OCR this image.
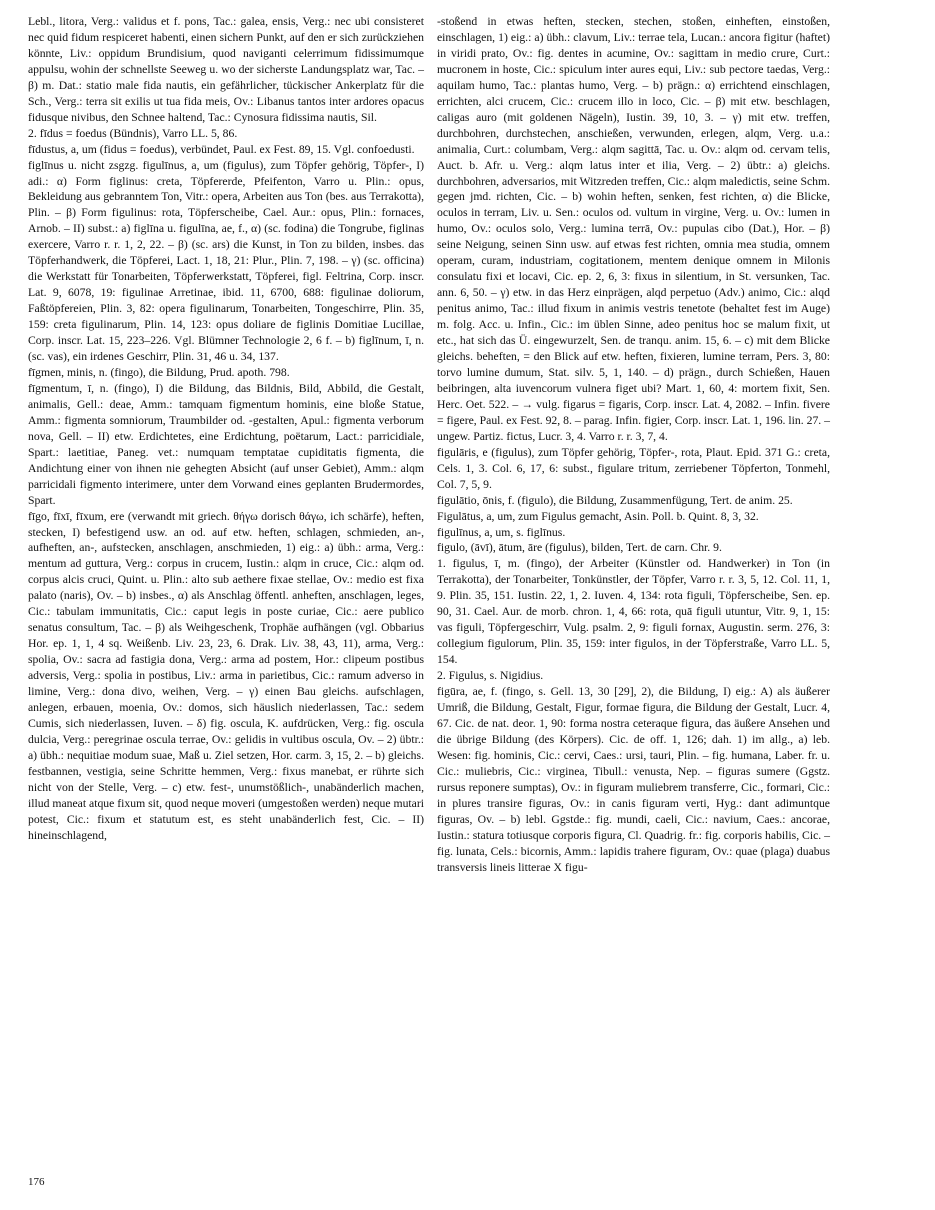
Lebl., litora, Verg.: validus et f. pons, Tac.: galea, ensis, Verg.: nec ubi consisteret nec quid fidum respiceret habenti, einen sichern Punkt, auf den er sich zurückziehen könnte, Liv.: oppidum Brundisium, quod naviganti celerrimum fidissimumque appulsu, wohin der schnellste Seeweg u. wo der sicherste Landungsplatz war, Tac. – β) m. Dat.: statio male fida nautis, ein gefährlicher, tückischer Ankerplatz für die Sch., Verg.: terra sit exilis ut tua fida meis, Ov.: Libanus tantos inter ardores opacus fidusque nivibus, den Schnee haltend, Tac.: Cynosura fidissima nautis, Sil.

2. fīdus = foedus (Bündnis), Varro LL. 5, 86.

fīdustus, a, um (fidus = foedus), verbündet, Paul. ex Fest. 89, 15. Vgl. confoedusti.

figlīnus u. nicht zsgzg. figulīnus, a, um (figulus), zum Töpfer gehörig, Töpfer-, I) adi.: α) Form figlinus: creta, Töpfererde, Pfeifenton, Varro u. Plin.: opus, Bekleidung aus gebranntem Ton, Vitr.: opera, Arbeiten aus Ton (bes. aus Terrakotta), Plin. – β) Form figulinus: rota, Töpferscheibe, Cael. Aur.: opus, Plin.: fornaces, Arnob. – II) subst.: a) figlīna u. figulīna, ae, f., α) (sc. fodina) die Tongrube, figlinas exercere, Varro r. r. 1, 2, 22. – β) (sc. ars) die Kunst, in Ton zu bilden, insbes. das Töpferhandwerk, die Töpferei, Lact. 1, 18, 21: Plur., Plin. 7, 198. – γ) (sc. officina) die Werkstatt für Tonarbeiten, Töpferwerkstatt, Töpferei, figl. Feltrina, Corp. inscr. Lat. 9, 6078, 19: figulinae Arretinae, ibid. 11, 6700, 688: figulinae doliorum, Faßtöpfereien, Plin. 3, 82: opera figulinarum, Tonarbeiten, Tongeschirre, Plin. 35, 159: creta figulinarum, Plin. 14, 123: opus doliare de figlinis Domitiae Lucillae, Corp. inscr. Lat. 15, 223–226. Vgl. Blümner Technologie 2, 6 f. – b) figlīnum, ī, n. (sc. vas), ein irdenes Geschirr, Plin. 31, 46 u. 34, 137.

fīgmen, minis, n. (fingo), die Bildung, Prud. apoth. 798.

fīgmentum, ī, n. (fingo), I) die Bildung, das Bildnis, Bild, Abbild, die Gestalt, animalis, Gell.: deae, Amm.: tamquam figmentum hominis, eine bloße Statue, Amm.: figmenta somniorum, Traumbilder od. -gestalten, Apul.: figmenta verborum nova, Gell. – II) etw. Erdichtetes, eine Erdichtung, poëtarum, Lact.: parricidiale, Spart.: laetitiae, Paneg. vet.: numquam temptatae cupiditatis figmenta, die Andichtung einer von ihnen nie gehegten Absicht (auf unser Gebiet), Amm.: alqm parricidali figmento interimere, unter dem Vorwand eines geplanten Brudermordes, Spart.

fīgo, fīxī, fīxum, ere (verwandt mit griech. θήγω dorisch θάγω, ich schärfe), heften, stecken, I) befestigend usw. an od. auf etw. heften, schlagen, schmieden, an-, aufheften, an-, aufstecken, anschlagen, anschmieden, 1) eig.: a) übh.: arma, Verg.: mentum ad guttura, Verg.: corpus in crucem, Iustin.: alqm in cruce, Cic.: alqm od. corpus alcis cruci, Quint. u. Plin.: alto sub aethere fixae stellae, Ov.: medio est fixa palato (naris), Ov. – b) insbes., α) als Anschlag öffentl. anheften, anschlagen, leges, Cic.: tabulam immunitatis, Cic.: caput legis in poste curiae, Cic.: aere publico senatus consultum, Tac. – β) als Weihgeschenk, Trophäe aufhängen (vgl. Obbarius Hor. ep. 1, 1, 4 sq. Weißenb. Liv. 23, 23, 6. Drak. Liv. 38, 43, 11), arma, Verg.: spolia, Ov.: sacra ad fastigia dona, Verg.: arma ad postem, Hor.: clipeum postibus adversis, Verg.: spolia in postibus, Liv.: arma in parietibus, Cic.: ramum adverso in limine, Verg.: dona divo, weihen, Verg. – γ) einen Bau gleichs. aufschlagen, anlegen, erbauen, moenia, Ov.: domos, sich häuslich niederlassen, Tac.: sedem Cumis, sich niederlassen, Iuven. – δ) fig. oscula, K. aufdrücken, Verg.: fig. oscula dulcia, Verg.: peregrinae oscula terrae, Ov.: gelidis in vultibus oscula, Ov. – 2) übtr.: a) übh.: nequitiae modum suae, Maß u. Ziel setzen, Hor. carm. 3, 15, 2. – b) gleichs. festbannen, vestigia, seine Schritte hemmen, Verg.: fixus manebat, er rührte sich nicht von der Stelle, Verg. – c) etw. fest-, unumstößlich-, unabänderlich machen, illud maneat atque fixum sit, quod neque moveri (umgestoßen werden) neque mutari potest, Cic.: fixum et statutum est, es steht unabänderlich fest, Cic. – II) hineinschlagend,

-stoßend in etwas heften, stecken, stechen, stoßen, einheften, einstoßen, einschlagen, 1) eig.: a) übh.: clavum, Liv.: terrae tela, Lucan.: ancora figitur (haftet) in viridi prato, Ov.: fig. dentes in acumine, Ov.: sagittam in medio crure, Curt.: mucronem in hoste, Cic.: spiculum inter aures equi, Liv.: sub pectore taedas, Verg.: aquilam humo, Tac.: plantas humo, Verg. – b) prägn.: α) errichtend einschlagen, errichten, alci crucem, Cic.: crucem illo in loco, Cic. – β) mit etw. beschlagen, caligas auro (mit goldenen Nägeln), Iustin. 39, 10, 3. – γ) mit etw. treffen, durchbohren, durchstechen, anschießen, verwunden, erlegen, alqm, Verg. u.a.: animalia, Curt.: columbam, Verg.: alqm sagittā, Tac. u. Ov.: alqm od. cervam telis, Auct. b. Afr. u. Verg.: alqm latus inter et ilia, Verg. – 2) übtr.: a) gleichs. durchbohren, adversarios, mit Witzreden treffen, Cic.: alqm maledictis, seine Schm. gegen jmd. richten, Cic. – b) wohin heften, senken, fest richten, α) die Blicke, oculos in terram, Liv. u. Sen.: oculos od. vultum in virgine, Verg. u. Ov.: lumen in humo, Ov.: oculos solo, Verg.: lumina terrā, Ov.: pupulas cibo (Dat.), Hor. – β) seine Neigung, seinen Sinn usw. auf etwas fest richten, omnia mea studia, omnem operam, curam, industriam, cogitationem, mentem denique omnem in Milonis consulatu fixi et locavi, Cic. ep. 2, 6, 3: fixus in silentium, in St. versunken, Tac. ann. 6, 50. – γ) etw. in das Herz einprägen, alqd perpetuo (Adv.) animo, Cic.: alqd penitus animo, Tac.: illud fixum in animis vestris tenetote (behaltet fest im Auge) m. folg. Acc. u. Infin., Cic.: im üblen Sinne, adeo penitus hoc se malum fixit, ut etc., hat sich das Ü. eingewurzelt, Sen. de tranqu. anim. 15, 6. – c) mit dem Blicke gleichs. beheften, = den Blick auf etw. heften, fixieren, lumine terram, Pers. 3, 80: torvo lumine dumum, Stat. silv. 5, 1, 140. – d) prägn., durch Schießen, Hauen beibringen, alta iuvencorum vulnera figet ubi? Mart. 1, 60, 4: mortem fixit, Sen. Herc. Oet. 522. – → vulg. figarus = figaris, Corp. inscr. Lat. 4, 2082. – Infin. fivere = figere, Paul. ex Fest. 92, 8. – parag. Infin. figier, Corp. inscr. Lat. 1, 196. lin. 27. – ungew. Partiz. fictus, Lucr. 3, 4. Varro r. r. 3, 7, 4.

figulāris, e (figulus), zum Töpfer gehörig, Töpfer-, rota, Plaut. Epid. 371 G.: creta, Cels. 1, 3. Col. 6, 17, 6: subst., figulare tritum, zerriebener Töpferton, Tonmehl, Col. 7, 5, 9.

figulātio, ōnis, f. (figulo), die Bildung, Zusammenfügung, Tert. de anim. 25.

Figulātus, a, um, zum Figulus gemacht, Asin. Poll. b. Quint. 8, 3, 32.

figulīnus, a, um, s. figlīnus.

figulo, (āvī), ātum, āre (figulus), bilden, Tert. de carn. Chr. 9.

1. figulus, ī, m. (fingo), der Arbeiter (Künstler od. Handwerker) in Ton (in Terrakotta), der Tonarbeiter, Tonkünstler, der Töpfer, Varro r. r. 3, 5, 12. Col. 11, 1, 9. Plin. 35, 151. Iustin. 22, 1, 2. Iuven. 4, 134: rota figuli, Töpferscheibe, Sen. ep. 90, 31. Cael. Aur. de morb. chron. 1, 4, 66: rota, quā figuli utuntur, Vitr. 9, 1, 15: vas figuli, Töpfergeschirr, Vulg. psalm. 2, 9: figuli fornax, Augustin. serm. 276, 3: collegium figulorum, Plin. 35, 159: inter figulos, in der Töpferstraße, Varro LL. 5, 154.

2. Figulus, s. Nigidius.

figūra, ae, f. (fingo, s. Gell. 13, 30 [29], 2), die Bildung, I) eig.: A) als äußerer Umriß, die Bildung, Gestalt, Figur, formae figura, die Bildung der Gestalt, Lucr. 4, 67. Cic. de nat. deor. 1, 90: forma nostra ceteraque figura, das äußere Ansehen und die übrige Bildung (des Körpers). Cic. de off. 1, 126; dah. 1) im allg., a) leb. Wesen: fig. hominis, Cic.: cervi, Caes.: ursi, tauri, Plin. – fig. humana, Laber. fr. u. Cic.: muliebris, Cic.: virginea, Tibull.: venusta, Nep. – figuras sumere (Ggstz. rursus reponere sumptas), Ov.: in figuram muliebrem transferre, Cic., formari, Cic.: in plures transire figuras, Ov.: in canis figuram verti, Hyg.: dant adimuntque figuras, Ov. – b) lebl. Ggstde.: fig. mundi, caeli, Cic.: navium, Caes.: ancorae, Iustin.: statura totiusque corporis figura, Cl. Quadrig. fr.: fig. corporis habilis, Cic. – fig. lunata, Cels.: bicornis, Amm.: lapidis trahere figuram, Ov.: quae (plaga) duabus transversis lineis litterae X figu-

176
